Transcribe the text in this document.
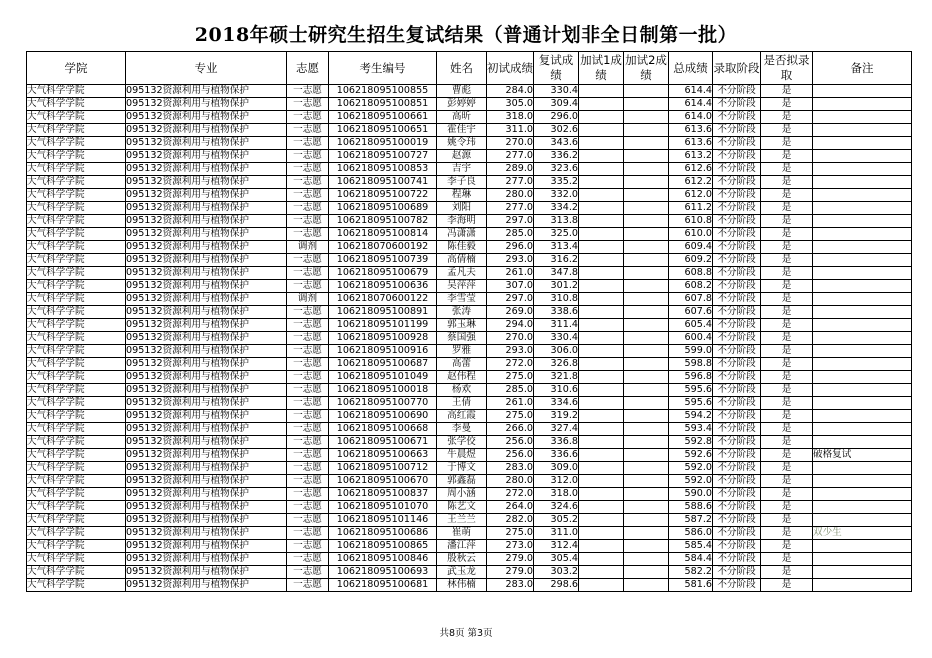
2018年硕士研究生招生复试结果（普通计划非全日制第一批）
学院	专业	志愿	考生编号	姓名	初试成绩	复试成绩	加试1成绩	加试2成绩	总成绩	录取阶段	是否拟录取	备注
大气科学学院	095132资源利用与植物保护	一志愿	106218095100855	曹彪	284.0	330.4			614.4	不分阶段	是	
大气科学学院	095132资源利用与植物保护	一志愿	106218095100851	彭婷婷	305.0	309.4			614.4	不分阶段	是	
大气科学学院	095132资源利用与植物保护	一志愿	106218095100661	高昕	318.0	296.0			614.0	不分阶段	是	
大气科学学院	095132资源利用与植物保护	一志愿	106218095100651	霍佳宇	311.0	302.6			613.6	不分阶段	是	
大气科学学院	095132资源利用与植物保护	一志愿	106218095100019	姚令玮	270.0	343.6			613.6	不分阶段	是	
大气科学学院	095132资源利用与植物保护	一志愿	106218095100727	赵源	277.0	336.2			613.2	不分阶段	是	
大气科学学院	095132资源利用与植物保护	一志愿	106218095100853	吉宇	289.0	323.6			612.6	不分阶段	是	
大气科学学院	095132资源利用与植物保护	一志愿	106218095100741	李子良	277.0	335.2			612.2	不分阶段	是	
大气科学学院	095132资源利用与植物保护	一志愿	106218095100722	程琳	280.0	332.0			612.0	不分阶段	是	
大气科学学院	095132资源利用与植物保护	一志愿	106218095100689	刘阳	277.0	334.2			611.2	不分阶段	是	
大气科学学院	095132资源利用与植物保护	一志愿	106218095100782	李海明	297.0	313.8			610.8	不分阶段	是	
大气科学学院	095132资源利用与植物保护	一志愿	106218095100814	冯潇潇	285.0	325.0			610.0	不分阶段	是	
大气科学学院	095132资源利用与植物保护	调剂	106218070600192	陈佳毅	296.0	313.4			609.4	不分阶段	是	
大气科学学院	095132资源利用与植物保护	一志愿	106218095100739	高倩楠	293.0	316.2			609.2	不分阶段	是	
大气科学学院	095132资源利用与植物保护	一志愿	106218095100679	孟凡夫	261.0	347.8			608.8	不分阶段	是	
大气科学学院	095132资源利用与植物保护	一志愿	106218095100636	吴萍萍	307.0	301.2			608.2	不分阶段	是	
大气科学学院	095132资源利用与植物保护	调剂	106218070600122	李雪莹	297.0	310.8			607.8	不分阶段	是	
大气科学学院	095132资源利用与植物保护	一志愿	106218095100891	张涛	269.0	338.6			607.6	不分阶段	是	
大气科学学院	095132资源利用与植物保护	一志愿	106218095101199	郭玉琳	294.0	311.4			605.4	不分阶段	是	
大气科学学院	095132资源利用与植物保护	一志愿	106218095100928	蔡国强	270.0	330.4			600.4	不分阶段	是	
大气科学学院	095132资源利用与植物保护	一志愿	106218095100916	罗雅	293.0	306.0			599.0	不分阶段	是	
大气科学学院	095132资源利用与植物保护	一志愿	106218095100687	高蕾	272.0	326.8			598.8	不分阶段	是	
大气科学学院	095132资源利用与植物保护	一志愿	106218095101049	赵伟程	275.0	321.8			596.8	不分阶段	是	
大气科学学院	095132资源利用与植物保护	一志愿	106218095100018	杨欢	285.0	310.6			595.6	不分阶段	是	
大气科学学院	095132资源利用与植物保护	一志愿	106218095100770	王倩	261.0	334.6			595.6	不分阶段	是	
大气科学学院	095132资源利用与植物保护	一志愿	106218095100690	高红霞	275.0	319.2			594.2	不分阶段	是	
大气科学学院	095132资源利用与植物保护	一志愿	106218095100668	李曼	266.0	327.4			593.4	不分阶段	是	
大气科学学院	095132资源利用与植物保护	一志愿	106218095100671	张学佼	256.0	336.8			592.8	不分阶段	是	
大气科学学院	095132资源利用与植物保护	一志愿	106218095100663	牛晨煜	256.0	336.6			592.6	不分阶段	是	破格复试
大气科学学院	095132资源利用与植物保护	一志愿	106218095100712	于博文	283.0	309.0			592.0	不分阶段	是	
大气科学学院	095132资源利用与植物保护	一志愿	106218095100670	郭鑫磊	280.0	312.0			592.0	不分阶段	是	
大气科学学院	095132资源利用与植物保护	一志愿	106218095100837	周小涵	272.0	318.0			590.0	不分阶段	是	
大气科学学院	095132资源利用与植物保护	一志愿	106218095101070	陈艺文	264.0	324.6			588.6	不分阶段	是	
大气科学学院	095132资源利用与植物保护	一志愿	106218095101146	王兰兰	282.0	305.2			587.2	不分阶段	是	
大气科学学院	095132资源利用与植物保护	一志愿	106218095100686	崔萌	275.0	311.0			586.0	不分阶段	是	双少生
大气科学学院	095132资源利用与植物保护	一志愿	106218095100865	潘江萍	273.0	312.4			585.4	不分阶段	是	
大气科学学院	095132资源利用与植物保护	一志愿	106218095100846	殷秋云	279.0	305.4			584.4	不分阶段	是	
大气科学学院	095132资源利用与植物保护	一志愿	106218095100693	武玉龙	279.0	303.2			582.2	不分阶段	是	
大气科学学院	095132资源利用与植物保护	一志愿	106218095100681	林伟楠	283.0	298.6			581.6	不分阶段	是	
共8页 第3页
